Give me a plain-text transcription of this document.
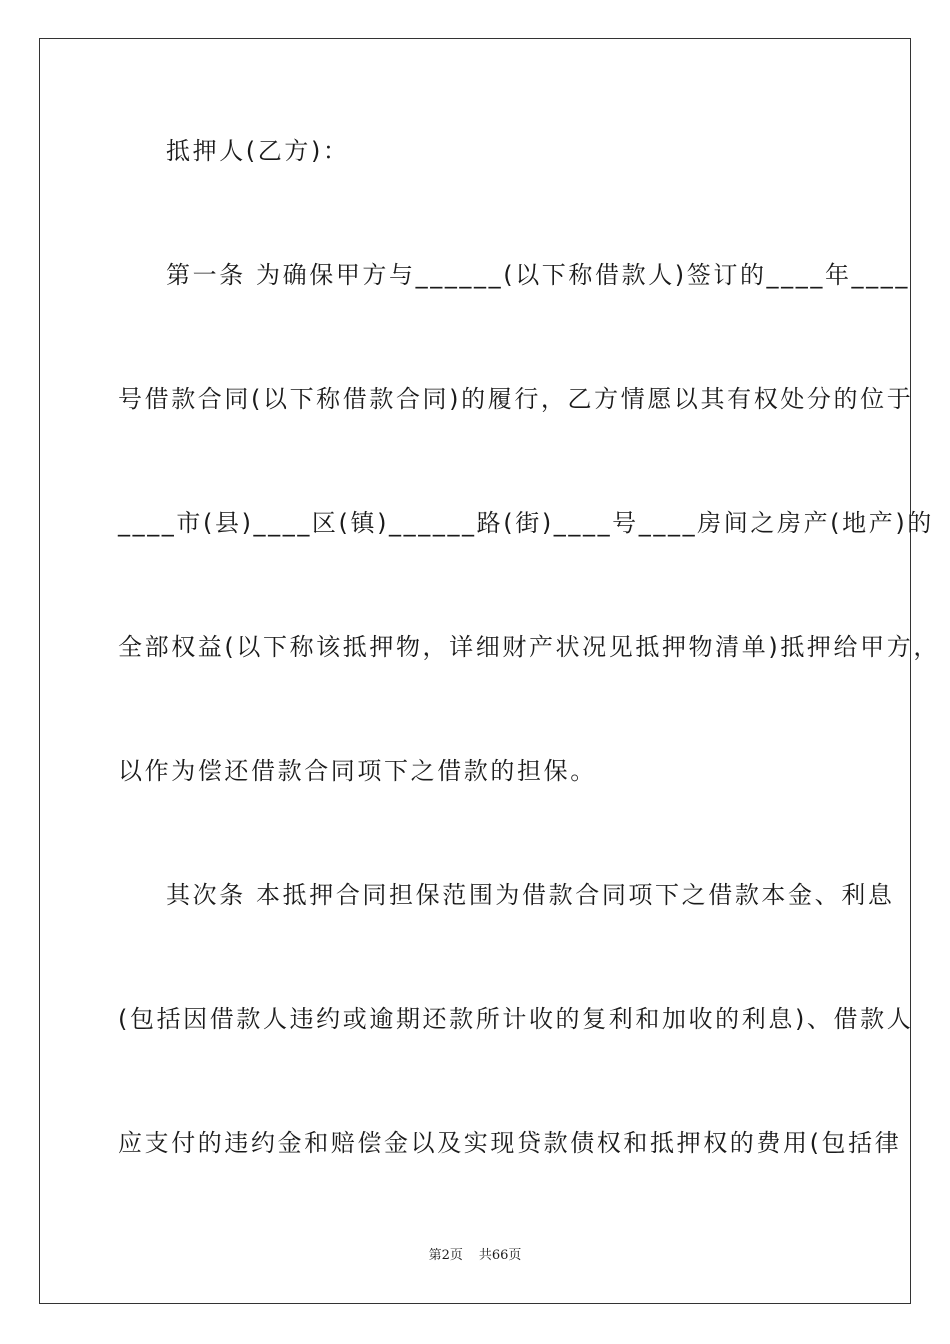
抵押人(乙方)：
第一条 为确保甲方与______(以下称借款人)签订的____年____
号借款合同(以下称借款合同)的履行，乙方情愿以其有权处分的位于
____市(县)____区(镇)______路(街)____号____房间之房产(地产)的
全部权益(以下称该抵押物，详细财产状况见抵押物清单)抵押给甲方，
以作为偿还借款合同项下之借款的担保。
其次条 本抵押合同担保范围为借款合同项下之借款本金、利息
(包括因借款人违约或逾期还款所计收的复利和加收的利息)、借款人
应支付的违约金和赔偿金以及实现贷款债权和抵押权的费用(包括律
第2页 共66页
